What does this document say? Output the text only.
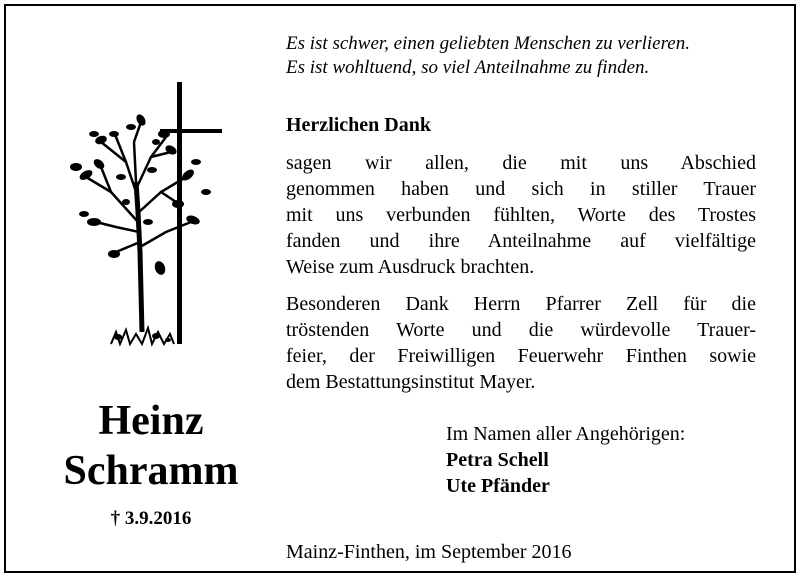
Es ist schwer, einen geliebten Menschen zu verlieren.
Es ist wohltuend, so viel Anteilnahme zu finden.
Herzlichen Dank
sagen wir allen, die mit uns Abschied
genommen haben und sich in stiller Trauer
mit uns verbunden fühlten, Worte des Trostes
fanden und ihre Anteilnahme auf vielfältige
Weise zum Ausdruck brachten.
Besonderen Dank Herrn Pfarrer Zell für die
tröstenden Worte und die würdevolle Trauer-
feier, der Freiwilligen Feuerwehr Finthen sowie
dem Bestattungsinstitut Mayer.
Heinz
Schramm
† 3.9.2016
Im Namen aller Angehörigen:
Petra Schell
Ute Pfänder
Mainz-Finthen, im September 2016
